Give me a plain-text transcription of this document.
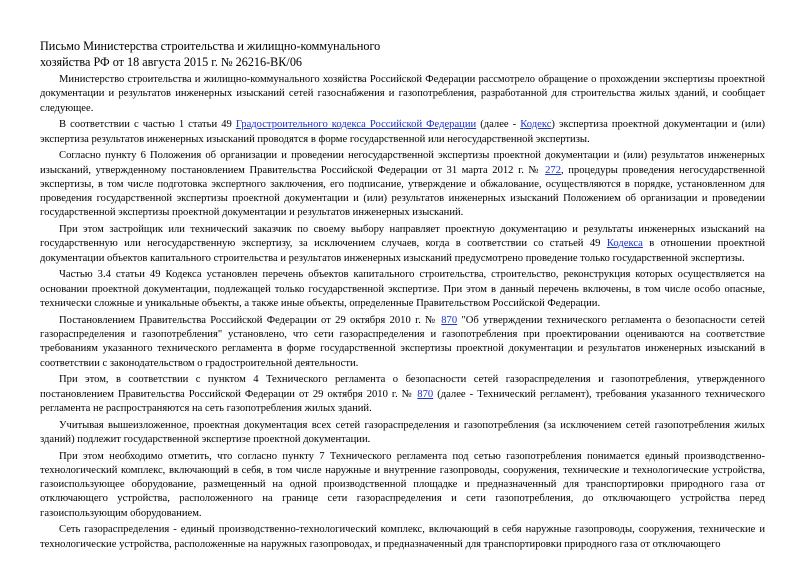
Письмо Министерства строительства и жилищно-коммунального
хозяйства РФ от 18 августа 2015 г. № 26216-ВК/06

Министерство строительства и жилищно-коммунального хозяйства Российской Федерации рассмотрело обращение о прохождении экспертизы проектной документации и результатов инженерных изысканий сетей газоснабжения и газопотребления, разработанной для строительства жилых зданий, и сообщает следующее.

В соответствии с частью 1 статьи 49 Градостроительного кодекса Российской Федерации (далее - Кодекс) экспертиза проектной документации и (или) экспертиза результатов инженерных изысканий проводятся в форме государственной или негосударственной экспертизы.

Согласно пункту 6 Положения об организации и проведении негосударственной экспертизы проектной документации и (или) результатов инженерных изысканий, утвержденному постановлением Правительства Российской Федерации от 31 марта 2012 г. № 272, процедуры проведения негосударственной экспертизы, в том числе подготовка экспертного заключения, его подписание, утверждение и обжалование, осуществляются в порядке, установленном для проведения государственной экспертизы проектной документации и (или) результатов инженерных изысканий Положением об организации и проведении государственной экспертизы проектной документации и результатов инженерных изысканий.

При этом застройщик или технический заказчик по своему выбору направляет проектную документацию и результаты инженерных изысканий на государственную или негосударственную экспертизу, за исключением случаев, когда в соответствии со статьей 49 Кодекса в отношении проектной документации объектов капитального строительства и результатов инженерных изысканий предусмотрено проведение только государственной экспертизы.

Частью 3.4 статьи 49 Кодекса установлен перечень объектов капитального строительства, строительство, реконструкция которых осуществляется на основании проектной документации, подлежащей только государственной экспертизе. При этом в данный перечень включены, в том числе особо опасные, технически сложные и уникальные объекты, а также иные объекты, определенные Правительством Российской Федерации.

Постановлением Правительства Российской Федерации от 29 октября 2010 г. № 870 "Об утверждении технического регламента о безопасности сетей газораспределения и газопотребления" установлено, что сети газораспределения и газопотребления при проектировании оцениваются на соответствие требованиям указанного технического регламента в форме государственной экспертизы проектной документации и результатов инженерных изысканий в соответствии с законодательством о градостроительной деятельности.

При этом, в соответствии с пунктом 4 Технического регламента о безопасности сетей газораспределения и газопотребления, утвержденного постановлением Правительства Российской Федерации от 29 октября 2010 г. № 870 (далее - Технический регламент), требования указанного технического регламента не распространяются на сеть газопотребления жилых зданий.

Учитывая вышеизложенное, проектная документация всех сетей газораспределения и газопотребления (за исключением сетей газопотребления жилых зданий) подлежит государственной экспертизе проектной документации.

При этом необходимо отметить, что согласно пункту 7 Технического регламента под сетью газопотребления понимается единый производственно-технологический комплекс, включающий в себя, в том числе наружные и внутренние газопроводы, сооружения, технические и технологические устройства, газоиспользующее оборудование, размещенный на одной производственной площадке и предназначенный для транспортировки природного газа от отключающего устройства, расположенного на границе сети газораспределения и сети газопотребления, до отключающего устройства перед газоиспользующим оборудованием.

Сеть газораспределения - единый производственно-технологический комплекс, включающий в себя наружные газопроводы, сооружения, технические и технологические устройства, расположенные на наружных газопроводах, и предназначенный для транспортировки природного газа от отключающего
